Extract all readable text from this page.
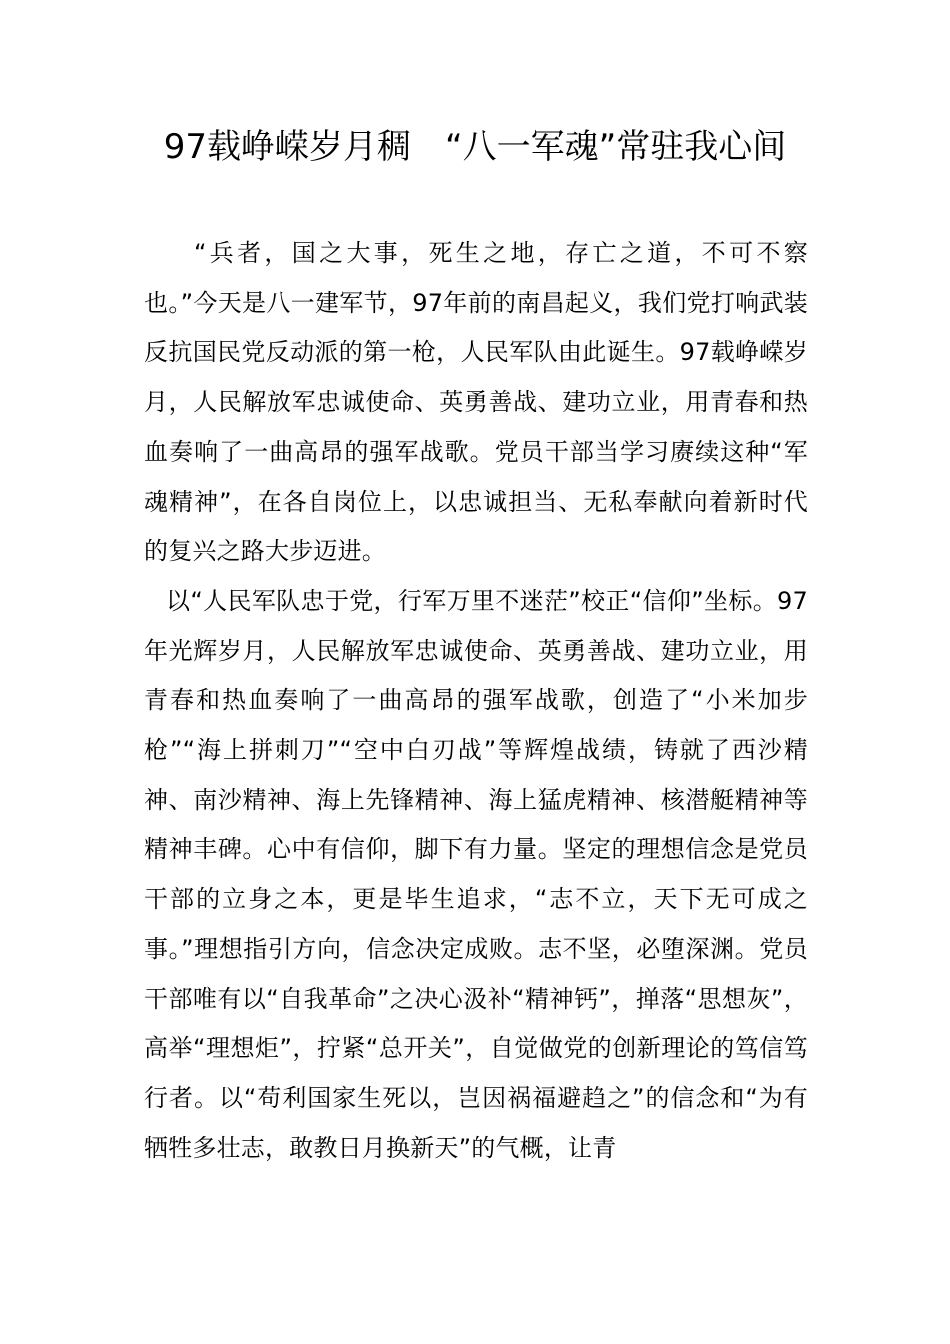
97载峥嵘岁月稠　“八一军魂”常驻我心间

“兵者，国之大事，死生之地，存亡之道，不可不察也。”今天是八一建军节，97年前的南昌起义，我们党打响武装反抗国民党反动派的第一枪，人民军队由此诞生。97载峥嵘岁月，人民解放军忠诚使命、英勇善战、建功立业，用青春和热血奏响了一曲高昂的强军战歌。党员干部当学习赓续这种“军魂精神”，在各自岗位上，以忠诚担当、无私奉献向着新时代的复兴之路大步迈进。

以“人民军队忠于党，行军万里不迷茫”校正“信仰”坐标。97年光辉岁月，人民解放军忠诚使命、英勇善战、建功立业，用青春和热血奏响了一曲高昂的强军战歌，创造了“小米加步枪”“海上拼刺刀”“空中白刃战”等辉煌战绩，铸就了西沙精神、南沙精神、海上先锋精神、海上猛虎精神、核潜艇精神等精神丰碑。心中有信仰，脚下有力量。坚定的理想信念是党员干部的立身之本，更是毕生追求，“志不立，天下无可成之事。”理想指引方向，信念决定成败。志不坚，必堕深渊。党员干部唯有以“自我革命”之决心汲补“精神钙”，掸落“思想灰”，高举“理想炬”，拧紧“总开关”，自觉做党的创新理论的笃信笃行者。以“苟利国家生死以，岂因祸福避趋之”的信念和“为有牺牲多壮志，敢教日月换新天”的气概，让青
